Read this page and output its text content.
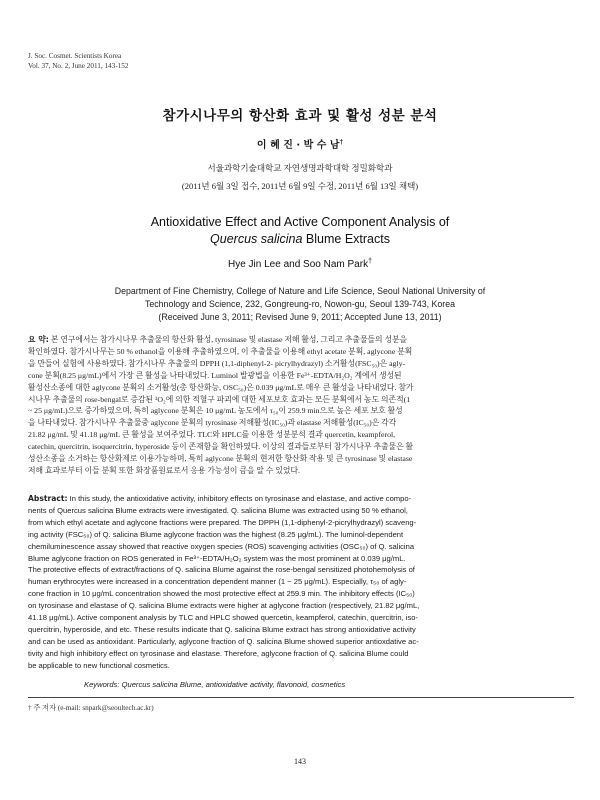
J. Soc. Cosmet. Scientists Korea
Vol. 37, No. 2, June 2011, 143-152
참가시나무의 항산화 효과 및 활성 성분 분석
이 혜 진 · 박 수 남†
서울과학기술대학교 자연생명과학대학 정밀화학과
(2011년 6월 3일 접수, 2011년 6월 9일 수정, 2011년 6월 13일 채택)
Antioxidative Effect and Active Component Analysis of
Quercus salicina Blume Extracts
Hye Jin Lee and Soo Nam Park†
Department of Fine Chemistry, College of Nature and Life Science, Seoul National University of
Technology and Science, 232, Gongreung-ro, Nowon-gu, Seoul 139-743, Korea
(Received June 3, 2011; Revised June 9, 2011; Accepted June 13, 2011)
요 약: 본 연구에서는 참가시나무 추출물의 항산화 활성, tyrosinase 및 elastase 저해 활성, 그리고 추출물들의 성분을
확인하였다. 참가시나무는 50 % ethanol을 이용해 추출하였으며, 이 추출물을 이용해 ethyl acetate 분획, aglycone 분획
을 만들어 실험에 사용하였다. 참가시나무 추출물의 DPPH (1,1-diphenyl-2- picrylhydrazyl) 소거활성(FSC₅₀)은 agly-
cone 분획(8.25 μg/mL)에서 가장 큰 활성을 나타내었다. Luminol 발광법을 이용한 Fe³⁺-EDTA/H₂O₂ 계에서 생성된
활성산소종에 대한 aglycone 분획의 소거활성(총 항산화능, OSC₅₀)은 0.039 μg/mL로 매우 큰 활성을 나타내었다. 참가
시나무 추출물의 rose-bengal로 증감된 ¹O₂에 의한 적혈구 파괴에 대한 세포보호 효과는 모든 분획에서 농도 의존적(1
~ 25 μg/mL)으로 증가하였으며, 특히 aglycone 분획은 10 μg/mL 농도에서 τ₅₀이 259.9 min으로 높은 세포 보호 활성
을 나타내었다. 참가시나무 추출물중 aglycone 분획의 tyrosinase 저해활성(IC₅₀)과 elastase 저해활성(IC₅₀)은 각각
21.82 μg/mL 및 41.18 μg/mL 큰 활성을 보여주었다. TLC와 HPLC를 이용한 성분분석 결과 quercetin, keampferol,
catechin, quercitrin, isoquercitrin, hyperoside 등이 존재함을 확인하였다. 이상의 결과들로부터 참가시나무 추출물은 활
성산소종을 소거하는 항산화제로 이용가능하며, 특히 aglycone 분획의 현저한 항산화 작용 및 큰 tyrosinase 및 elastase
저해 효과로부터 이들 분획 또한 화장품원료로서 응용 가능성이 큼을 알 수 있었다.
Abstract: In this study, the antioxidative activity, inhibitory effects on tyrosinase and elastase, and active compo-
nents of Quercus salicina Blume extracts were investigated. Q. salicina Blume was extracted using 50 % ethanol,
from which ethyl acetate and aglycone fractions were prepared. The DPPH (1,1-diphenyl-2-picrylhydrazyl) scaveng-
ing activity (FSC₅₀) of Q. salicina Blume aglycone fraction was the highest (8.25 μg/mL). The luminol-dependent
chemiluminescence assay showed that reactive oxygen species (ROS) scavenging activities (OSC₅₀) of Q. salicina
Blume aglycone fraction on ROS generated in Fe³⁺-EDTA/H₂O₂ system was the most prominent at 0.039 μg/mL.
The protective effects of extract/fractions of Q. salicina Blume against the rose-bengal sensitized photohemolysis of
human erythrocytes were increased in a concentration dependent manner (1 ~ 25 μg/mL). Especially, τ₅₀ of agly-
cone fraction in 10 μg/mL concentration showed the most protective effect at 259.9 min. The inhibitory effects (IC₅₀)
on tyrosinase and elastase of Q. salicina Blume extracts were higher at aglycone fraction (respectively, 21.82 μg/mL,
41.18 μg/mL). Active component analysis by TLC and HPLC showed quercetin, keampferol, catechin, quercitrin, iso-
quercitrin, hyperoside, and etc. These results indicate that Q. salicina Blume extract has strong antioxidative activity
and can be used as antioxidant. Particularly, aglycone fraction of Q. salicina Blume showed superior antioxdative ac-
tivity and high inhibitory effect on tyrosinase and elastase. Therefore, aglycone fraction of Q. salicina Blume could
be applicable to new functional cosmetics.
Keywords: Quercus salicina Blume, antioxidative activity, flavonoid, cosmetics
† 주 저자 (e-mail: snpark@seoultech.ac.kr)
143
